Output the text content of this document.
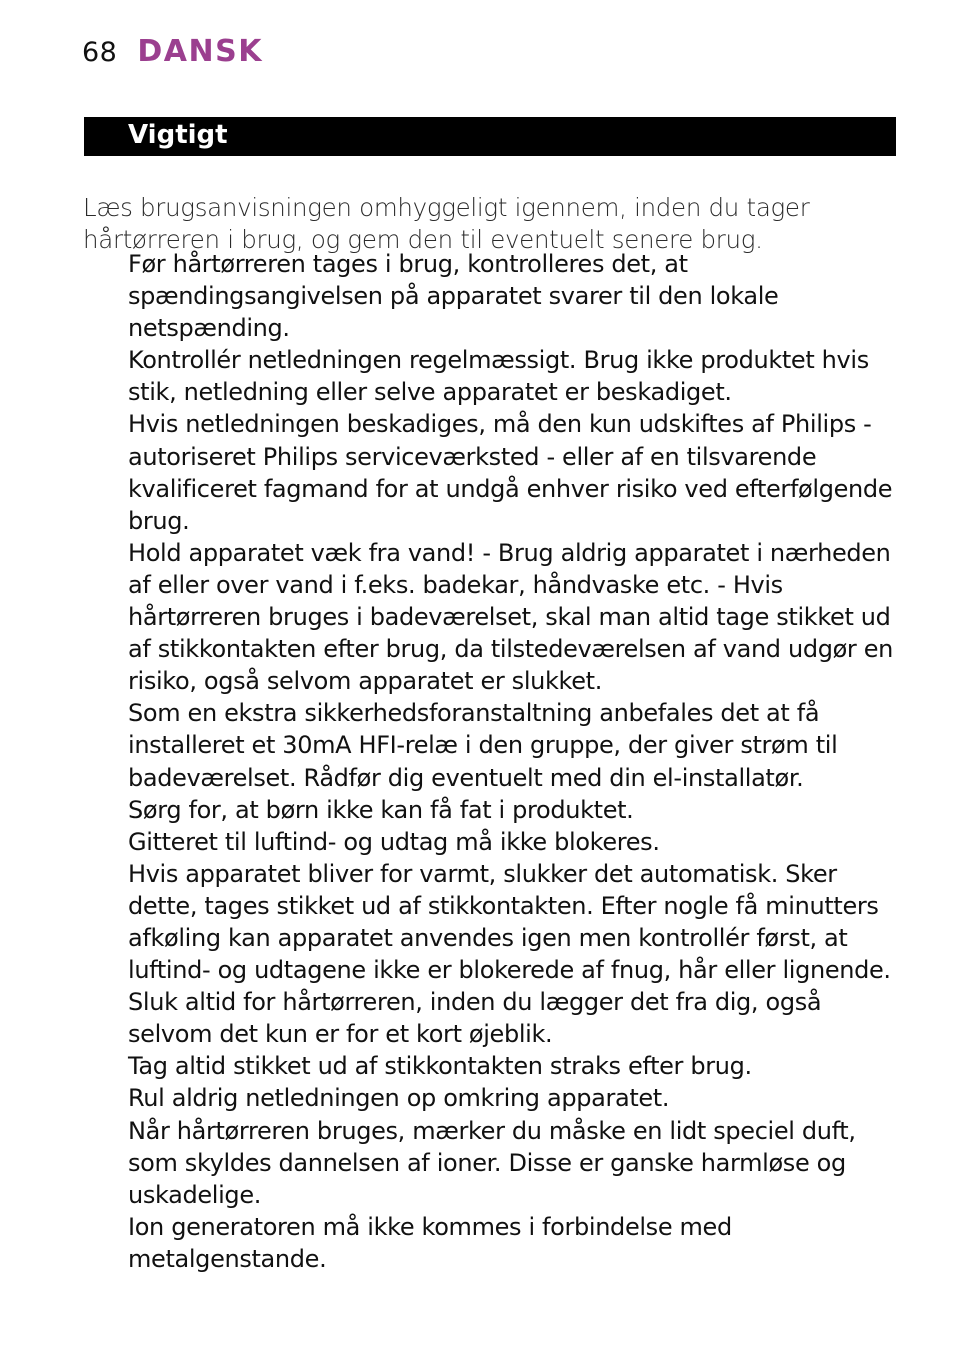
68 DANSK
Vigtigt

Læs brugsanvisningen omhyggeligt igennem, inden du tager hårtørreren i brug, og gem den til eventuelt senere brug.

Før hårtørreren tages i brug, kontrolleres det, at spændingsangivelsen på apparatet svarer til den lokale netspænding.
Kontrollér netledningen regelmæssigt. Brug ikke produktet hvis stik, netledning eller selve apparatet er beskadiget.
Hvis netledningen beskadiges, må den kun udskiftes af Philips - autoriseret Philips serviceværksted - eller af en tilsvarende kvalificeret fagmand for at undgå enhver risiko ved efterfølgende brug.
Hold apparatet væk fra vand! - Brug aldrig apparatet i nærheden af eller over vand i f.eks. badekar, håndvaske etc. - Hvis hårtørreren bruges i badeværelset, skal man altid tage stikket ud af stikkontakten efter brug, da tilstedeværelsen af vand udgør en risiko, også selvom apparatet er slukket.
Som en ekstra sikkerhedsforanstaltning anbefales det at få installeret et 30mA HFI-relæ i den gruppe, der giver strøm til badeværelset. Rådfør dig eventuelt med din el-installatør.
Sørg for, at børn ikke kan få fat i produktet.
Gitteret til luftind- og udtag må ikke blokeres.
Hvis apparatet bliver for varmt, slukker det automatisk. Sker dette, tages stikket ud af stikkontakten. Efter nogle få minutters afkøling kan apparatet anvendes igen men kontrollér først, at luftind- og udtagene ikke er blokerede af fnug, hår eller lignende.
Sluk altid for hårtørreren, inden du lægger det fra dig, også selvom det kun er for et kort øjeblik.
Tag altid stikket ud af stikkontakten straks efter brug.
Rul aldrig netledningen op omkring apparatet.
Når hårtørreren bruges, mærker du måske en lidt speciel duft, som skyldes dannelsen af ioner. Disse er ganske harmløse og uskadelige.
Ion generatoren må ikke kommes i forbindelse med metalgenstande.
